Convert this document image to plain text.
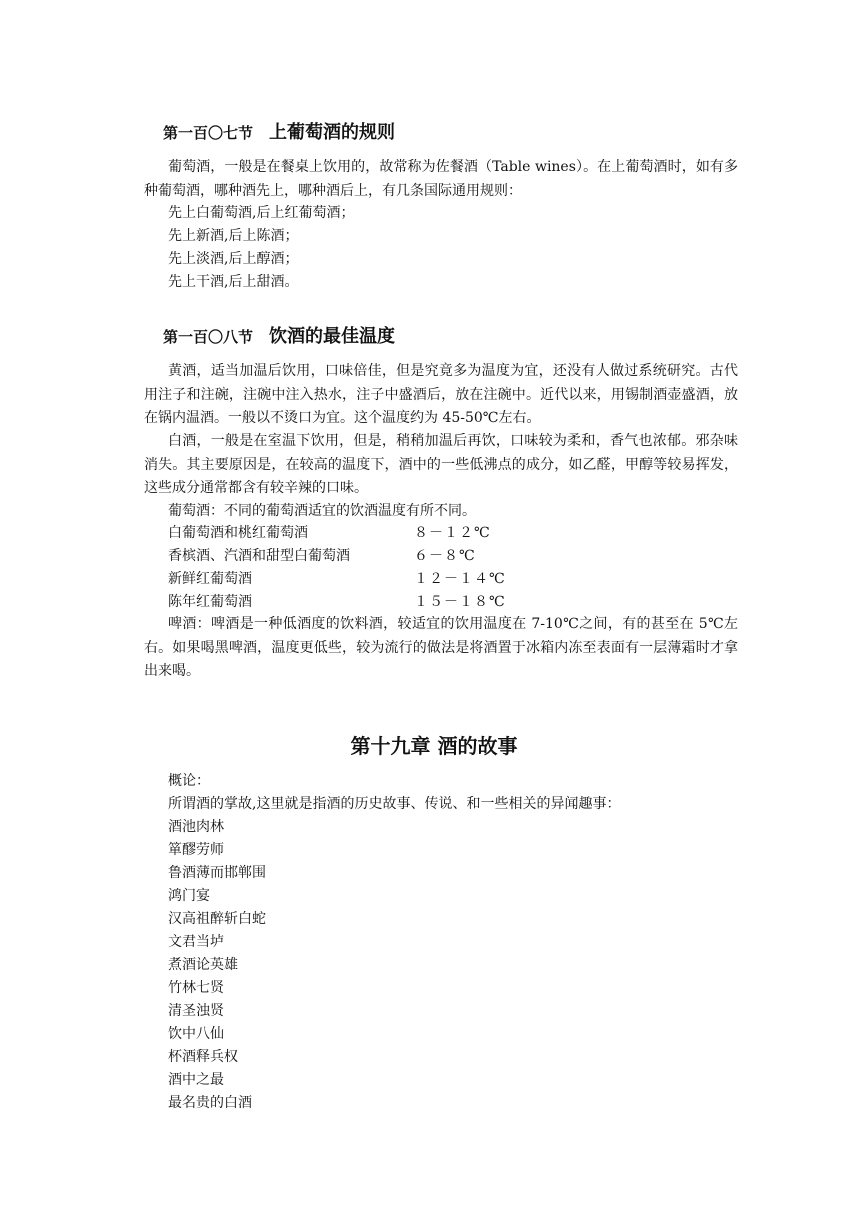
第一百〇七节 上葡萄酒的规则

葡萄酒，一般是在餐桌上饮用的，故常称为佐餐酒（Table wines）。在上葡萄酒时，如有多种葡萄酒，哪种酒先上，哪种酒后上，有几条国际通用规则：

先上白葡萄酒,后上红葡萄酒；
先上新酒,后上陈酒；
先上淡酒,后上醇酒；
先上干酒,后上甜酒。
第一百〇八节 饮酒的最佳温度

黄酒，适当加温后饮用，口味倍佳，但是究竟多为温度为宜，还没有人做过系统研究。古代用注子和注碗，注碗中注入热水，注子中盛酒后，放在注碗中。近代以来，用锡制酒壶盛酒，放在锅内温酒。一般以不烫口为宜。这个温度约为 45-50℃左右。

白酒，一般是在室温下饮用，但是，稍稍加温后再饮，口味较为柔和，香气也浓郁。邪杂味消失。其主要原因是，在较高的温度下，酒中的一些低沸点的成分，如乙醛，甲醇等较易挥发，这些成分通常都含有较辛辣的口味。

葡萄酒：不同的葡萄酒适宜的饮酒温度有所不同。

白葡萄酒和桃红葡萄酒	８－１２℃
香槟酒、汽酒和甜型白葡萄酒	６－８℃
新鲜红葡萄酒	１２－１４℃
陈年红葡萄酒	１５－１８℃

啤酒：啤酒是一种低酒度的饮料酒，较适宜的饮用温度在 7-10℃之间，有的甚至在 5℃左右。如果喝黑啤酒，温度更低些，较为流行的做法是将酒置于冰箱内冻至表面有一层薄霜时才拿出来喝。

第十九章 酒的故事
概论：
所谓酒的掌故,这里就是指酒的历史故事、传说、和一些相关的异闻趣事：
酒池肉林
箪醪劳师
鲁酒薄而邯郸围
鸿门宴
汉高祖醉斩白蛇
文君当垆
煮酒论英雄
竹林七贤
清圣浊贤
饮中八仙
杯酒释兵权
酒中之最
最名贵的白酒
